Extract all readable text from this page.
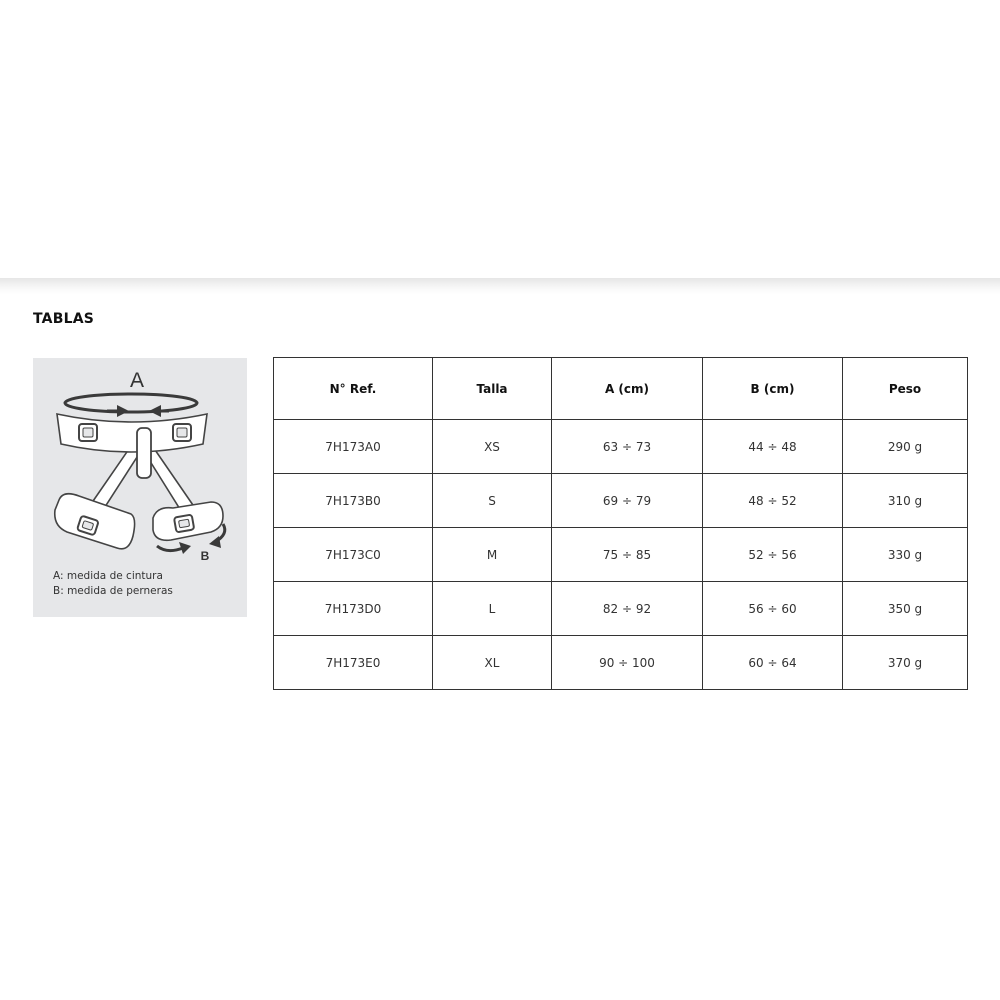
TABLAS
A
B
A: medida de cintura
B: medida de perneras
N° Ref.	Talla	A (cm)	B (cm)	Peso
7H173A0	XS	63 ÷ 73	44 ÷ 48	290 g
7H173B0	S	69 ÷ 79	48 ÷ 52	310 g
7H173C0	M	75 ÷ 85	52 ÷ 56	330 g
7H173D0	L	82 ÷ 92	56 ÷ 60	350 g
7H173E0	XL	90 ÷ 100	60 ÷ 64	370 g
